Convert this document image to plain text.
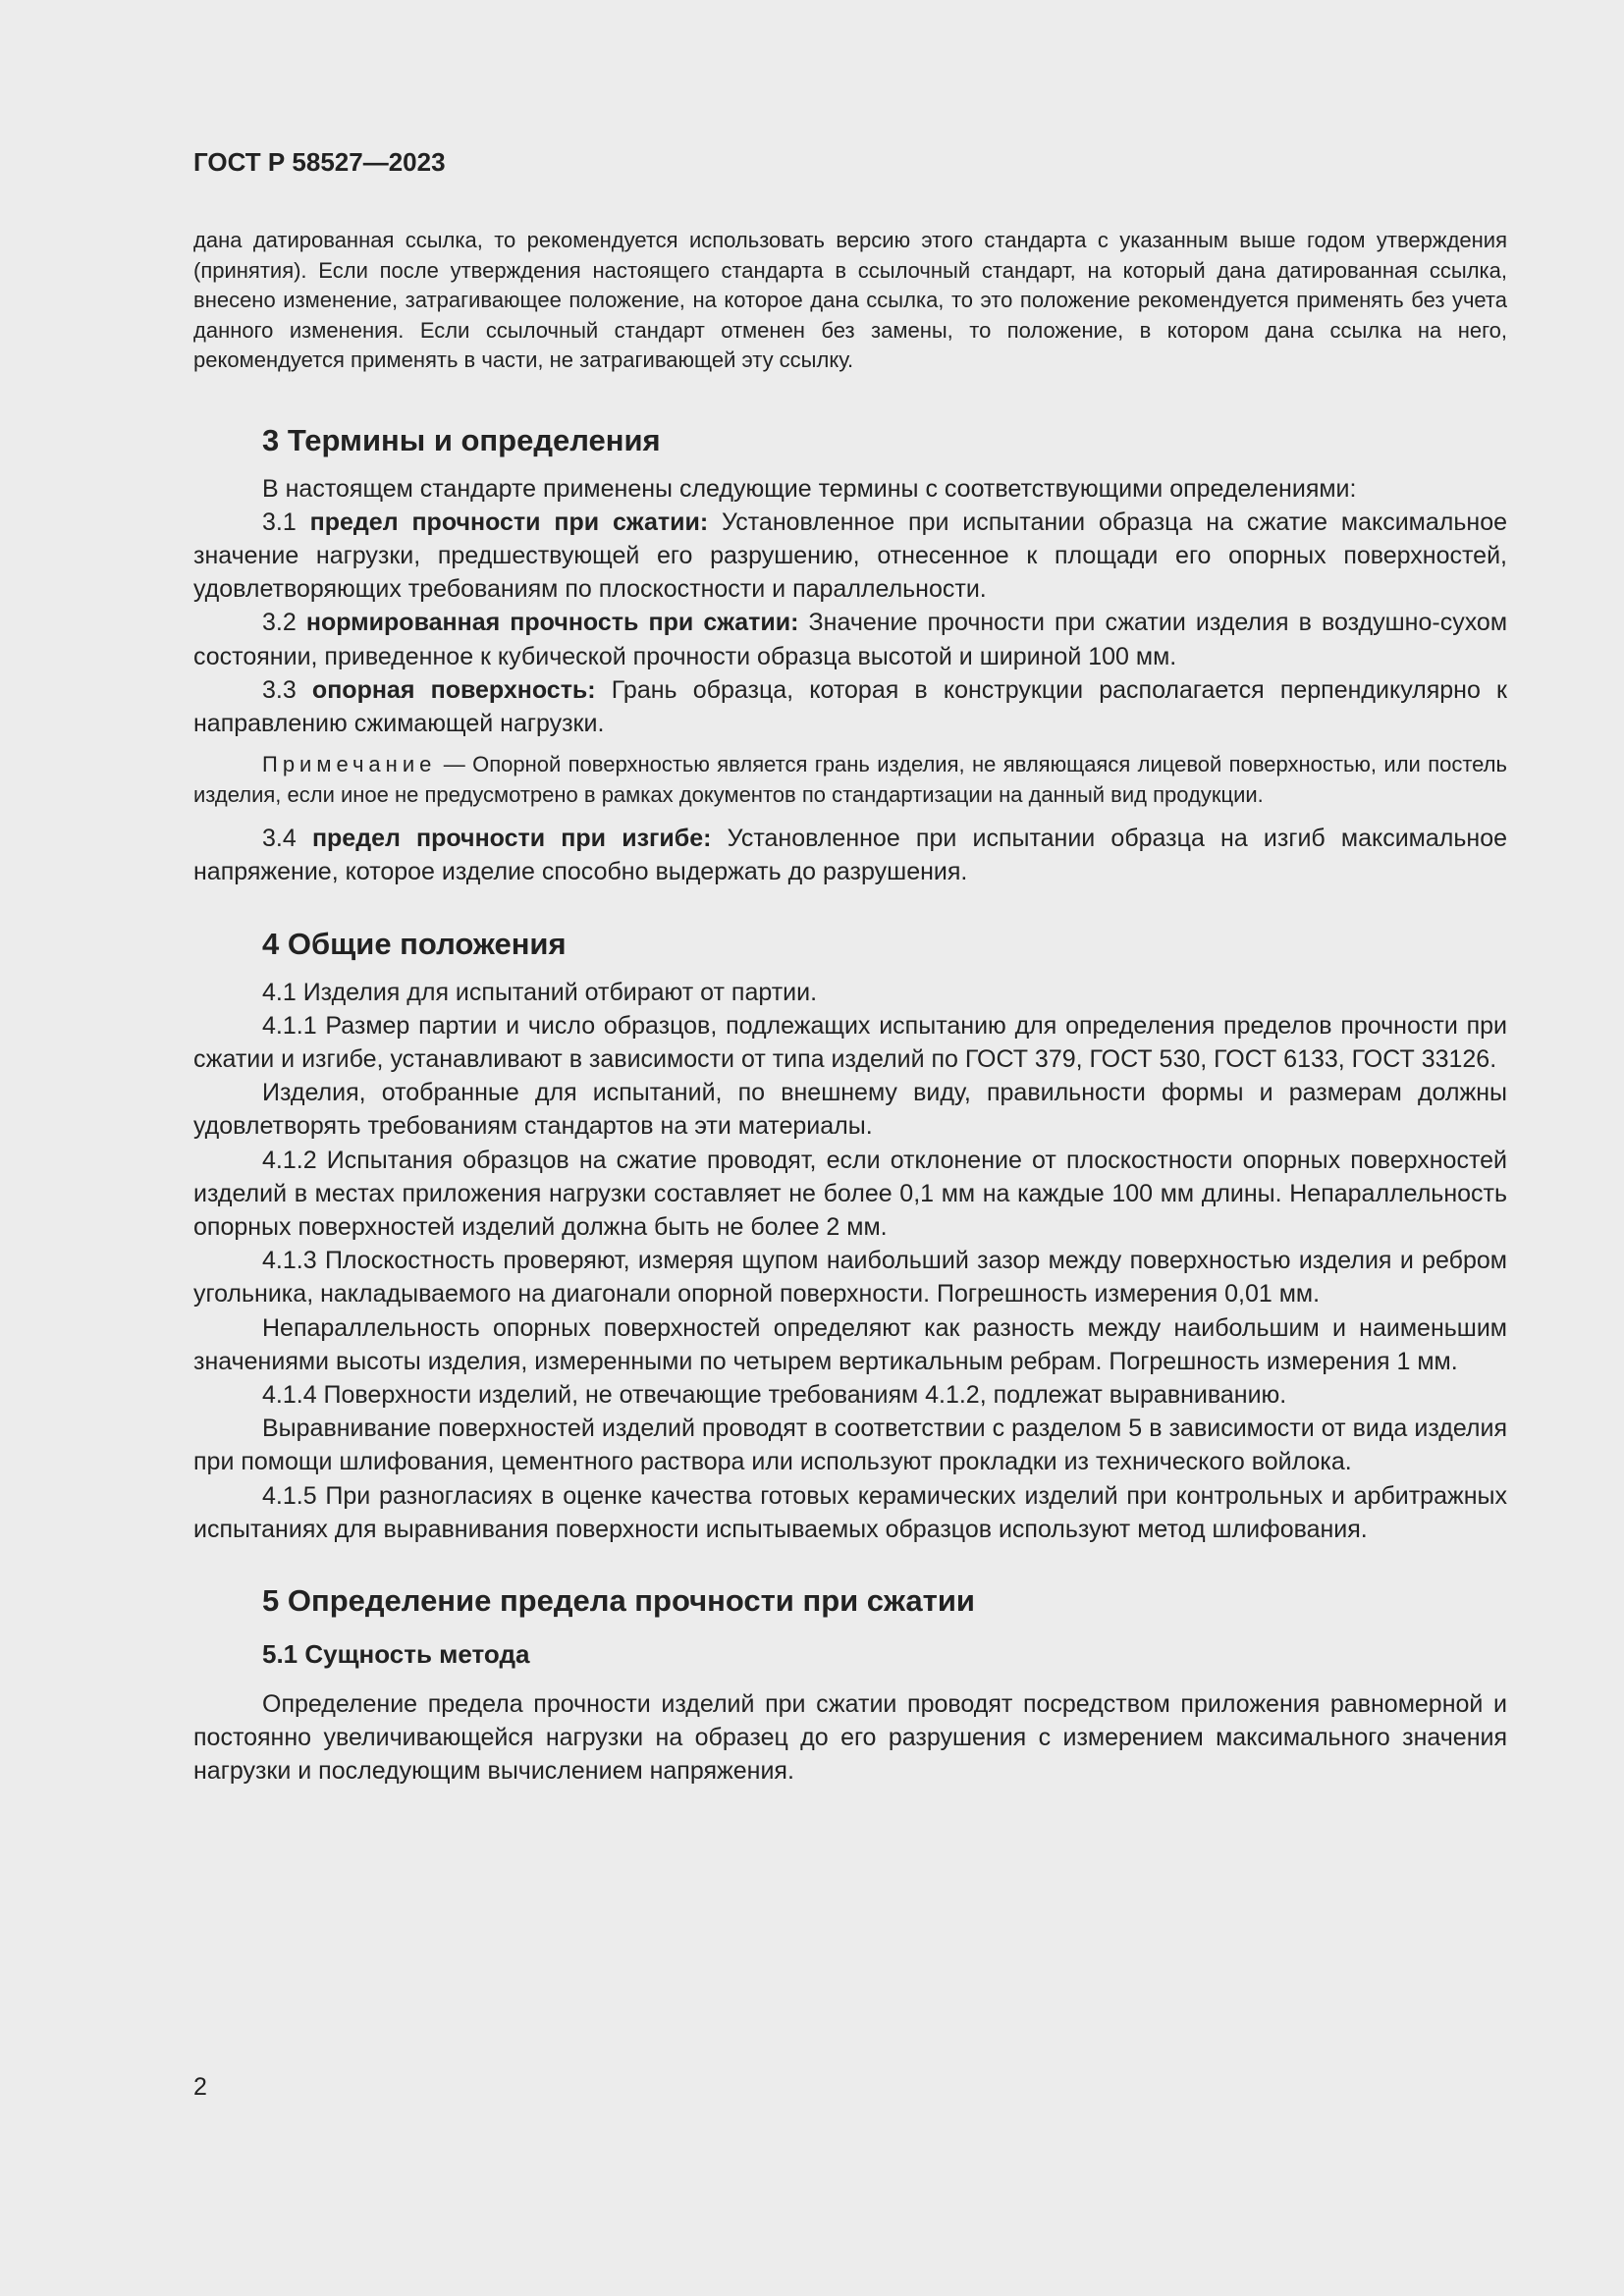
ГОСТ Р 58527—2023

дана датированная ссылка, то рекомендуется использовать версию этого стандарта с указанным выше годом утверждения (принятия). Если после утверждения настоящего стандарта в ссылочный стандарт, на который дана датированная ссылка, внесено изменение, затрагивающее положение, на которое дана ссылка, то это положение рекомендуется применять без учета данного изменения. Если ссылочный стандарт отменен без замены, то положение, в котором дана ссылка на него, рекомендуется применять в части, не затрагивающей эту ссылку.

3 Термины и определения

В настоящем стандарте применены следующие термины с соответствующими определениями:

3.1 предел прочности при сжатии: Установленное при испытании образца на сжатие максимальное значение нагрузки, предшествующей его разрушению, отнесенное к площади его опорных поверхностей, удовлетворяющих требованиям по плоскостности и параллельности.

3.2 нормированная прочность при сжатии: Значение прочности при сжатии изделия в воздушно-сухом состоянии, приведенное к кубической прочности образца высотой и шириной 100 мм.

3.3 опорная поверхность: Грань образца, которая в конструкции располагается перпендикулярно к направлению сжимающей нагрузки.

Примечание — Опорной поверхностью является грань изделия, не являющаяся лицевой поверхностью, или постель изделия, если иное не предусмотрено в рамках документов по стандартизации на данный вид продукции.

3.4 предел прочности при изгибе: Установленное при испытании образца на изгиб максимальное напряжение, которое изделие способно выдержать до разрушения.

4 Общие положения

4.1 Изделия для испытаний отбирают от партии.

4.1.1 Размер партии и число образцов, подлежащих испытанию для определения пределов прочности при сжатии и изгибе, устанавливают в зависимости от типа изделий по ГОСТ 379, ГОСТ 530, ГОСТ 6133, ГОСТ 33126.

Изделия, отобранные для испытаний, по внешнему виду, правильности формы и размерам должны удовлетворять требованиям стандартов на эти материалы.

4.1.2 Испытания образцов на сжатие проводят, если отклонение от плоскостности опорных поверхностей изделий в местах приложения нагрузки составляет не более 0,1 мм на каждые 100 мм длины. Непараллельность опорных поверхностей изделий должна быть не более 2 мм.

4.1.3 Плоскостность проверяют, измеряя щупом наибольший зазор между поверхностью изделия и ребром угольника, накладываемого на диагонали опорной поверхности. Погрешность измерения 0,01 мм.

Непараллельность опорных поверхностей определяют как разность между наибольшим и наименьшим значениями высоты изделия, измеренными по четырем вертикальным ребрам. Погрешность измерения 1 мм.

4.1.4 Поверхности изделий, не отвечающие требованиям 4.1.2, подлежат выравниванию.

Выравнивание поверхностей изделий проводят в соответствии с разделом 5 в зависимости от вида изделия при помощи шлифования, цементного раствора или используют прокладки из технического войлока.

4.1.5 При разногласиях в оценке качества готовых керамических изделий при контрольных и арбитражных испытаниях для выравнивания поверхности испытываемых образцов используют метод шлифования.

5 Определение предела прочности при сжатии
5.1 Сущность метода

Определение предела прочности изделий при сжатии проводят посредством приложения равномерной и постоянно увеличивающейся нагрузки на образец до его разрушения с измерением максимального значения нагрузки и последующим вычислением напряжения.

2
